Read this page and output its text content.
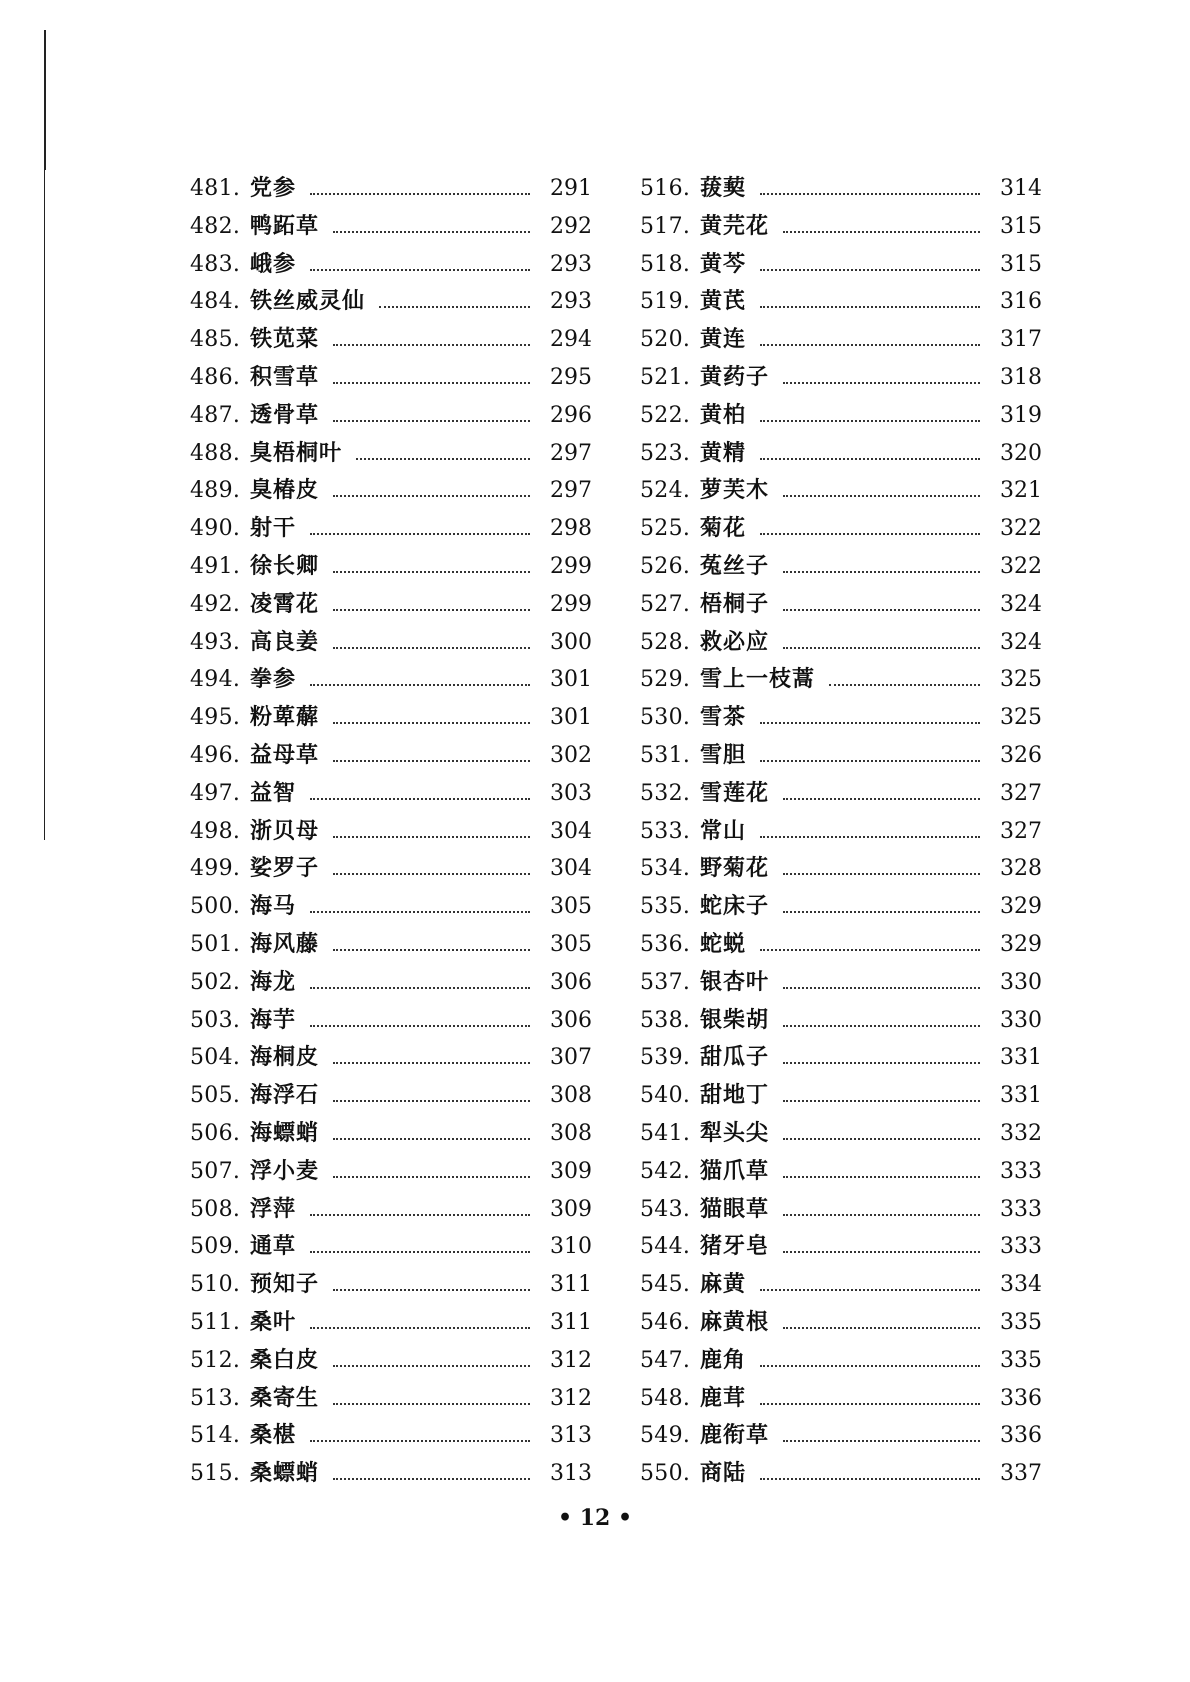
481. 党参	291
482. 鸭跖草	292
483. 峨参	293
484. 铁丝威灵仙	293
485. 铁苋菜	294
486. 积雪草	295
487. 透骨草	296
488. 臭梧桐叶	297
489. 臭椿皮	297
490. 射干	298
491. 徐长卿	299
492. 凌霄花	299
493. 高良姜	300
494. 拳参	301
495. 粉萆薢	301
496. 益母草	302
497. 益智	303
498. 浙贝母	304
499. 娑罗子	304
500. 海马	305
501. 海风藤	305
502. 海龙	306
503. 海芋	306
504. 海桐皮	307
505. 海浮石	308
506. 海螵蛸	308
507. 浮小麦	309
508. 浮萍	309
509. 通草	310
510. 预知子	311
511. 桑叶	311
512. 桑白皮	312
513. 桑寄生	312
514. 桑椹	313
515. 桑螵蛸	313
516. 菝葜	314
517. 黄芫花	315
518. 黄芩	315
519. 黄芪	316
520. 黄连	317
521. 黄药子	318
522. 黄柏	319
523. 黄精	320
524. 萝芙木	321
525. 菊花	322
526. 菟丝子	322
527. 梧桐子	324
528. 救必应	324
529. 雪上一枝蒿	325
530. 雪茶	325
531. 雪胆	326
532. 雪莲花	327
533. 常山	327
534. 野菊花	328
535. 蛇床子	329
536. 蛇蜕	329
537. 银杏叶	330
538. 银柴胡	330
539. 甜瓜子	331
540. 甜地丁	331
541. 犁头尖	332
542. 猫爪草	333
543. 猫眼草	333
544. 猪牙皂	333
545. 麻黄	334
546. 麻黄根	335
547. 鹿角	335
548. 鹿茸	336
549. 鹿衔草	336
550. 商陆	337
• 12 •
